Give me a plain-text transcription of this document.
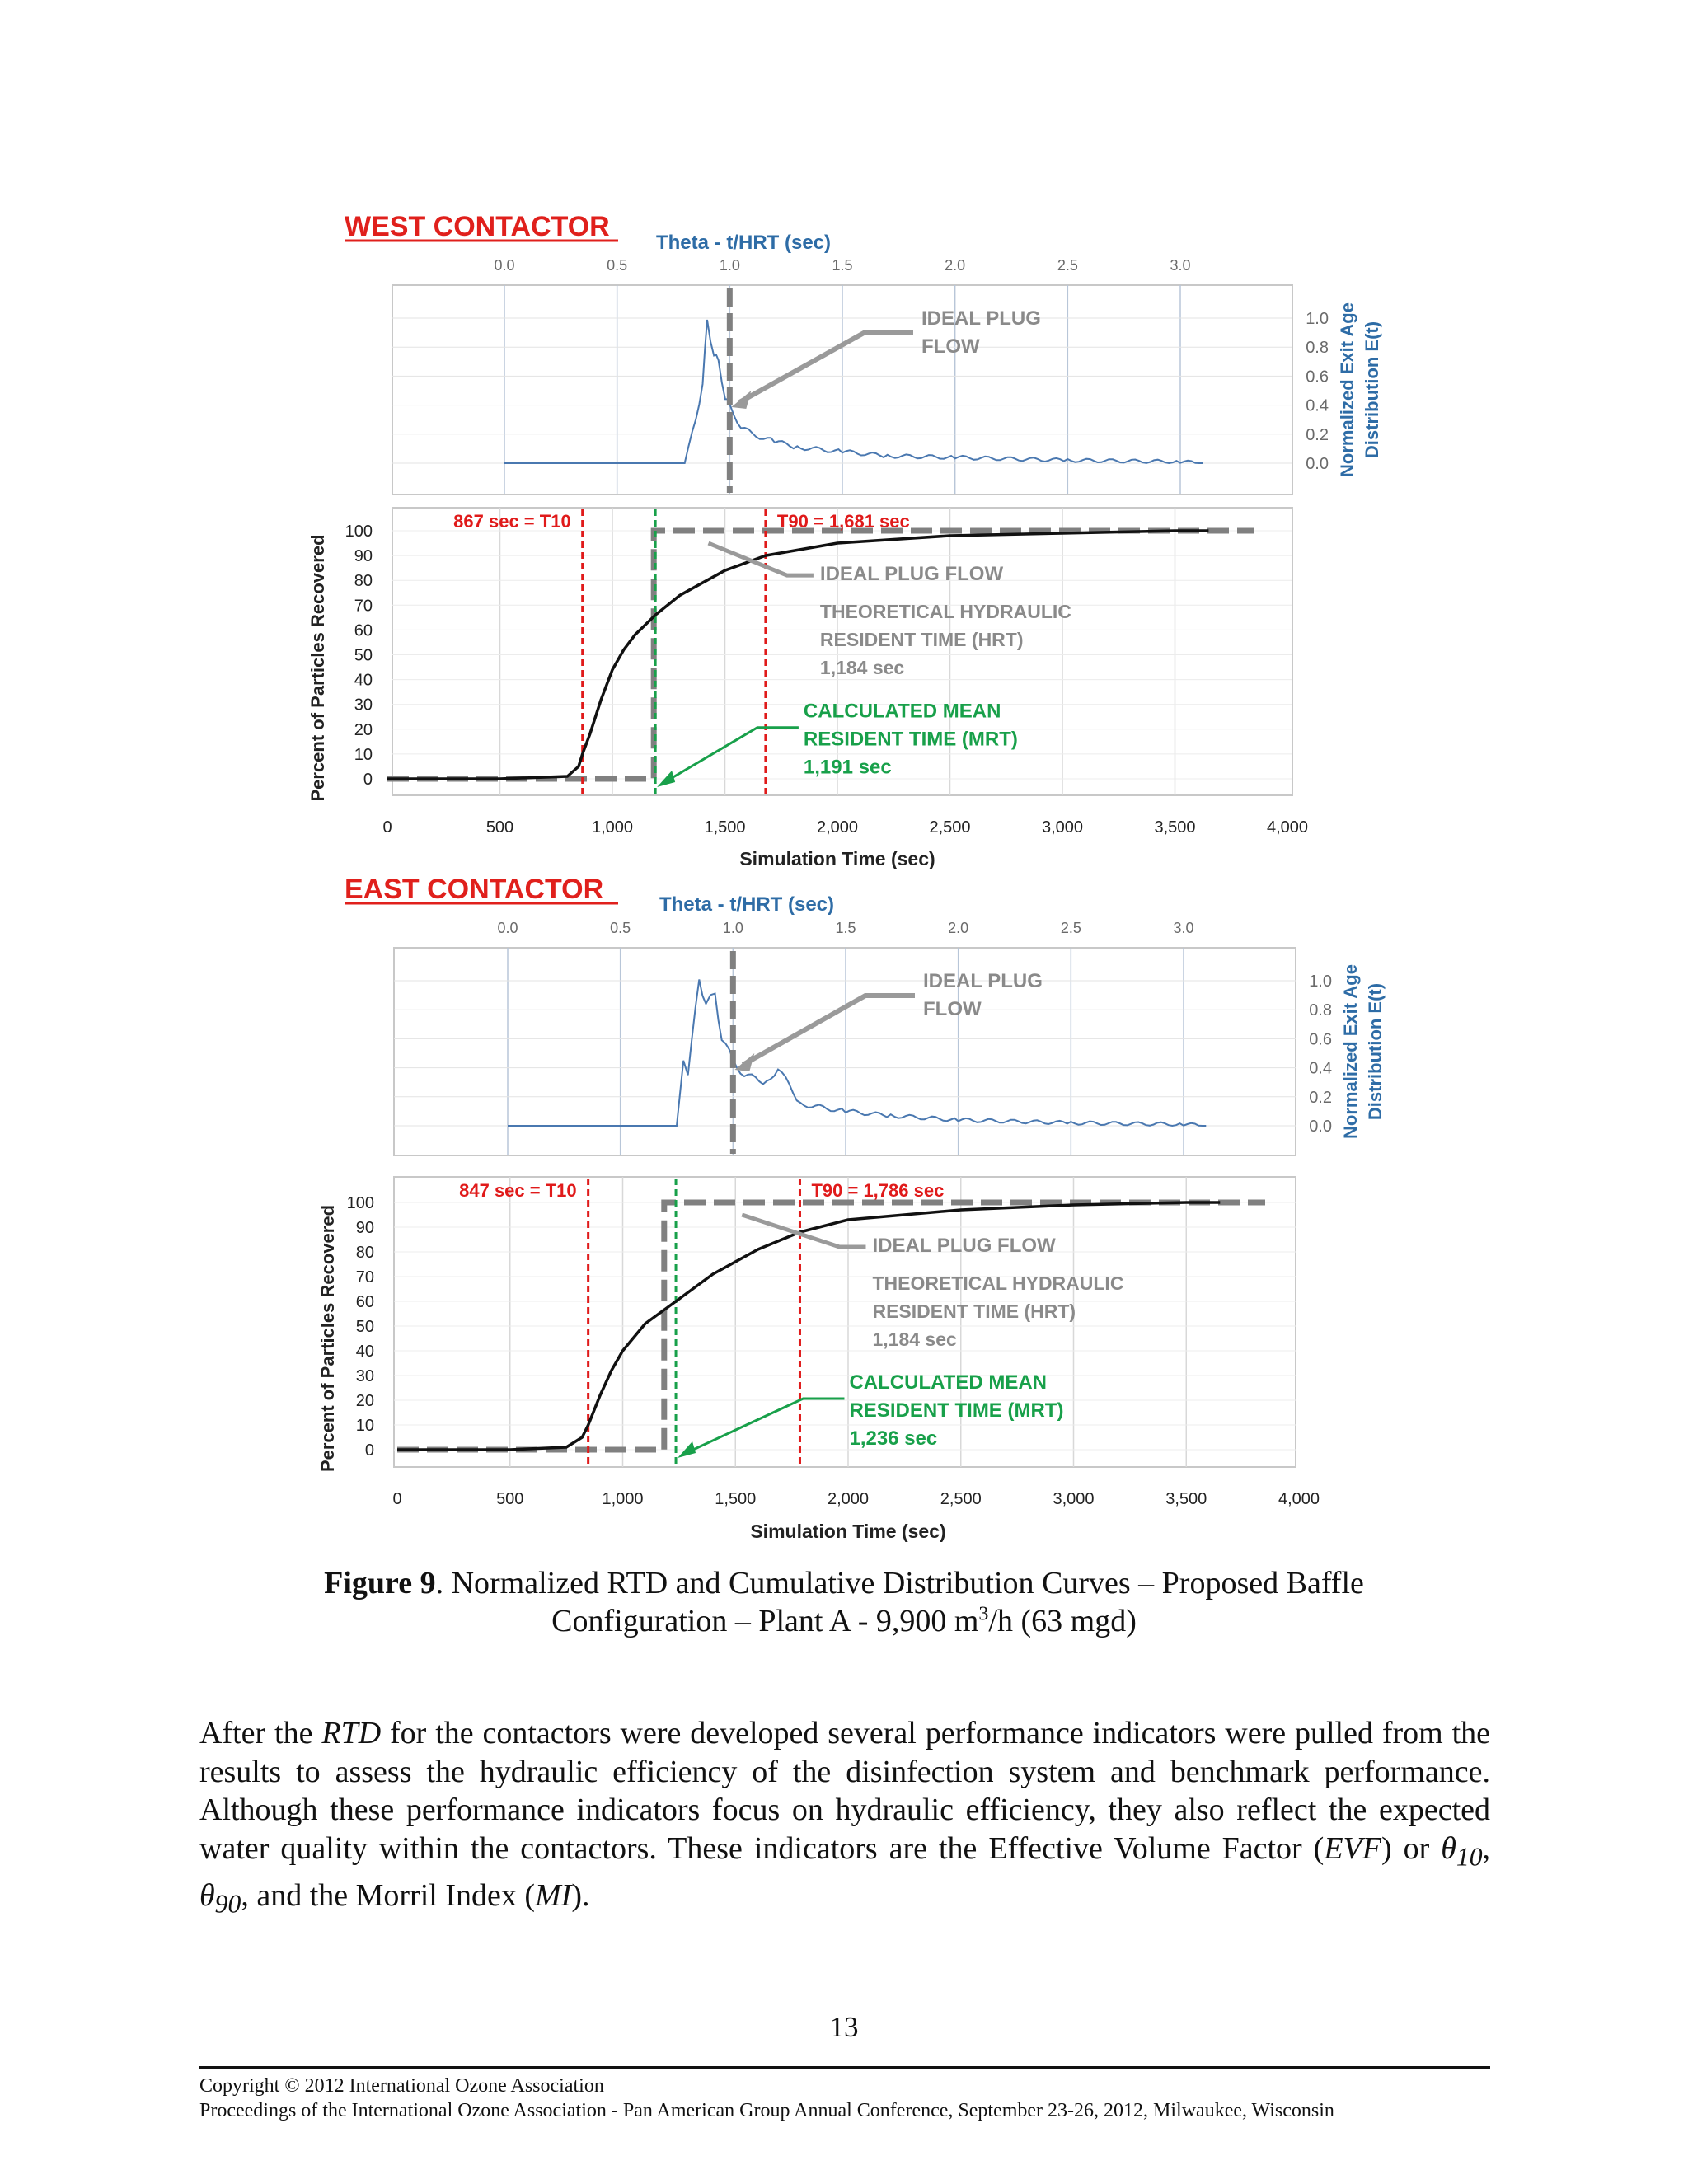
WEST CONTACTOR
Theta - t/HRT (sec)
0.0	0.5	1.0	1.5	2.0	2.5	3.0
1.0
0.8
0.6
0.4
0.2
0.0 Normalized Exit Age Distribution E(t)
IDEAL PLUG
FLOW
0	500	1,000	1,500	2,000	2,500	3,000	3,500	4,000
100
90
80
70
60
50
40
30
20
10
0
Percent of Particles Recovered
Simulation Time (sec)
867 sec = T10	T90 = 1,681 sec
IDEAL PLUG FLOW
THEORETICAL HYDRAULIC
RESIDENT TIME (HRT)
1,184 sec
CALCULATED MEAN
RESIDENT TIME (MRT)
1,191 sec
EAST CONTACTOR	Theta - t/HRT (sec)
0.0	0.5	1.0	1.5	2.0	2.5	3.0
1.0
0.8
0.6
0.4
0.2
0.0 Normalized Exit Age Distribution E(t)
IDEAL PLUG
FLOW
0	500	1,000	1,500	2,000	2,500	3,000	3,500	4,000
100
90
80
70
60
50
40
30
20
10
0
Percent of Particles Recovered
Simulation Time (sec)
847 sec = T10	T90 = 1,786 sec
IDEAL PLUG FLOW
THEORETICAL HYDRAULIC
RESIDENT TIME (HRT)
1,184 sec
CALCULATED MEAN
RESIDENT TIME (MRT)
1,236 sec
Figure 9. Normalized RTD and Cumulative Distribution Curves – Proposed Baffle
Configuration – Plant A - 9,900 $m^3/h$ (63 mgd)
After the RTD for the contactors were developed several performance indicators were pulled from the results to assess the hydraulic efficiency of the disinfection system and benchmark performance. Although these performance indicators focus on hydraulic efficiency, they also reflect the expected water quality within the contactors. These indicators are the Effective Volume Factor (EVF) or $\theta_{10}$, $\theta_{90}$, and the Morril Index (MI).
13
Copyright © 2012 International Ozone Association
Proceedings of the International Ozone Association - Pan American Group Annual Conference, September 23-26, 2012, Milwaukee, Wisconsin
